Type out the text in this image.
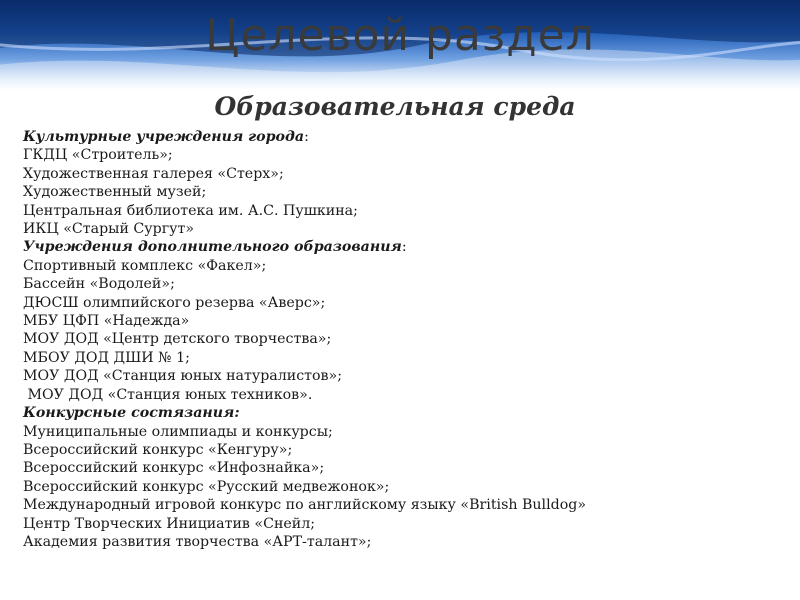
Целевой раздел
Образовательная среда
Культурные учреждения города:
ГКДЦ «Строитель»;
Художественная галерея «Стерх»;
Художественный музей;
Центральная библиотека им. А.С. Пушкина;
ИКЦ «Старый Сургут»
Учреждения дополнительного образования:
Спортивный комплекс «Факел»;
Бассейн «Водолей»;
ДЮСШ олимпийского резерва «Аверс»;
МБУ ЦФП «Надежда»
МОУ ДОД «Центр детского творчества»;
МБОУ ДОД ДШИ № 1;
МОУ ДОД «Станция юных натуралистов»;
МОУ ДОД «Станция юных техников».
Конкурсные состязания:
Муниципальные олимпиады и конкурсы;
Всероссийский конкурс «Кенгуру»;
Всероссийский конкурс «Инфознайка»;
Всероссийский конкурс «Русский медвежонок»;
Международный игровой конкурс по английскому языку «British Bulldog»
Центр Творческих Инициатив «Снейл;
Академия развития творчества «АРТ-талант»;
